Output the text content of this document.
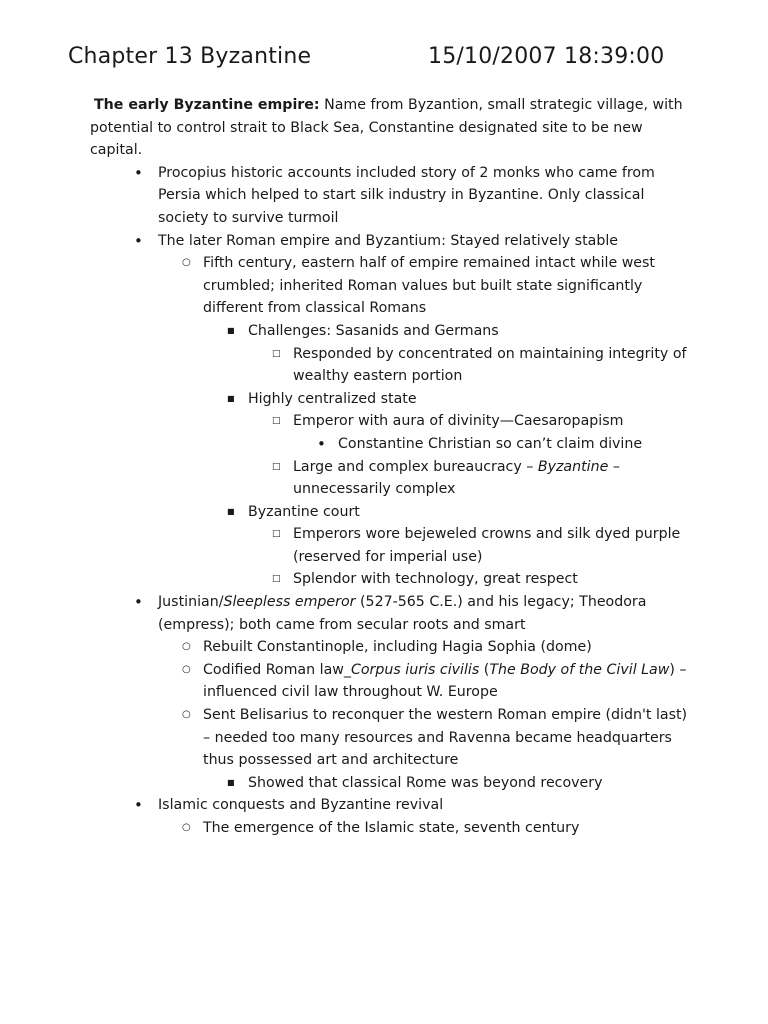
Chapter 13 Byzantine	15/10/2007 18:39:00

The early Byzantine empire: Name from Byzantion, small strategic village, with potential to control strait to Black Sea, Constantine designated site to be new capital.

•
Procopius historic accounts included story of 2 monks who came from Persia which helped to start silk industry in Byzantine. Only classical society to survive turmoil
•
The later Roman empire and Byzantium: Stayed relatively stable
○
Fifth century, eastern half of empire remained intact while west crumbled; inherited Roman values but built state significantly different from classical Romans
■
Challenges: Sasanids and Germans
□
Responded by concentrated on maintaining integrity of wealthy eastern portion
■
Highly centralized state
□
Emperor with aura of divinity—Caesaropapism
•
Constantine Christian so can’t claim divine
□
Large and complex bureaucracy – Byzantine – unnecessarily complex
■
Byzantine court
□
Emperors wore bejeweled crowns and silk dyed purple (reserved for imperial use)
□
Splendor with technology, great respect
•
Justinian/Sleepless emperor (527-565 C.E.) and his legacy; Theodora (empress); both came from secular roots and smart
○
Rebuilt Constantinople, including Hagia Sophia (dome)
○
Codified Roman law_Corpus iuris civilis (The Body of the Civil Law) – influenced civil law throughout W. Europe
○
Sent Belisarius to reconquer the western Roman empire (didn't last) – needed too many resources and Ravenna became headquarters thus possessed art and architecture
■
Showed that classical Rome was beyond recovery
•
Islamic conquests and Byzantine revival
○
The emergence of the Islamic state, seventh century
